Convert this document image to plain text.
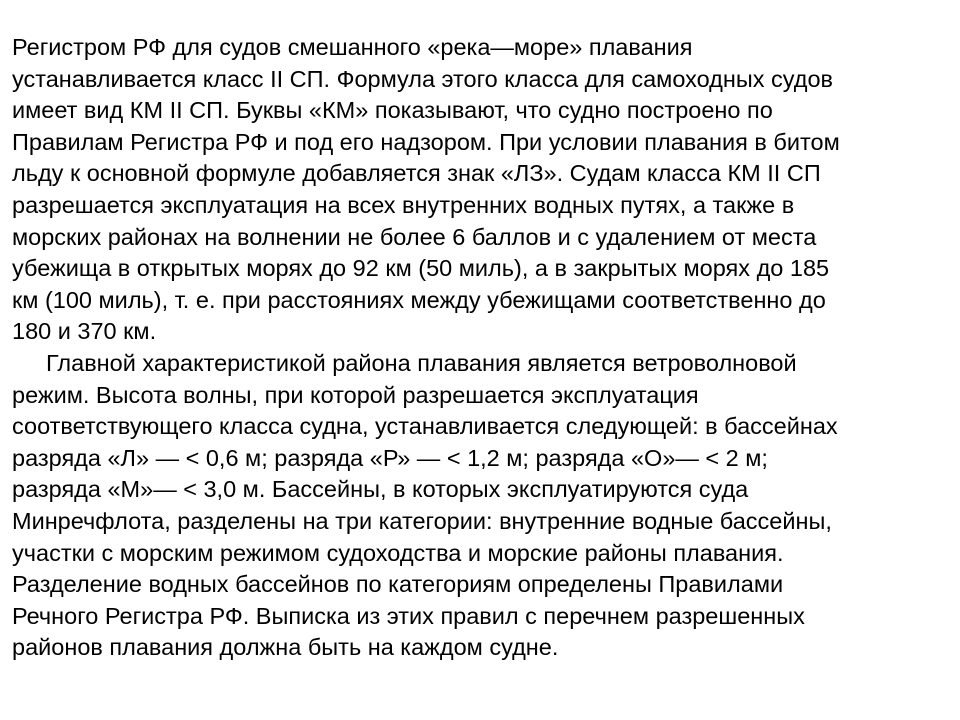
Регистром РФ для судов смешанного «река—море» плавания
устанавливается класс II СП. Формула этого класса для самоходных судов
имеет вид КМ II СП. Буквы «КМ» показывают, что судно построено по
Правилам Регистра РФ и под его надзором. При условии плавания в битом
льду к основной формуле добавляется знак «ЛЗ». Судам класса КМ II СП
разрешается эксплуатация на всех внутренних водных путях, а также в
морских районах на волнении не более 6 баллов и с удалением от места
убежища в открытых морях до 92 км (50 миль), а в закрытых морях до 185
км (100 миль), т. е. при расстояниях между убежищами соответственно до
180 и 370 км.
Главной характеристикой района плавания является ветроволновой
режим. Высота волны, при которой разрешается эксплуатация
соответствующего класса судна, устанавливается следующей: в бассейнах
разряда «Л» — < 0,6 м; разряда «Р» — < 1,2 м; разряда «О»— < 2 м;
разряда «М»— < 3,0 м. Бассейны, в которых эксплуатируются суда
Минречфлота, разделены на три категории: внутренние водные бассейны,
участки с морским режимом судоходства и морские районы плавания.
Разделение водных бассейнов по категориям определены Правилами
Речного Регистра РФ. Выписка из этих правил с перечнем разрешенных
районов плавания должна быть на каждом судне.
